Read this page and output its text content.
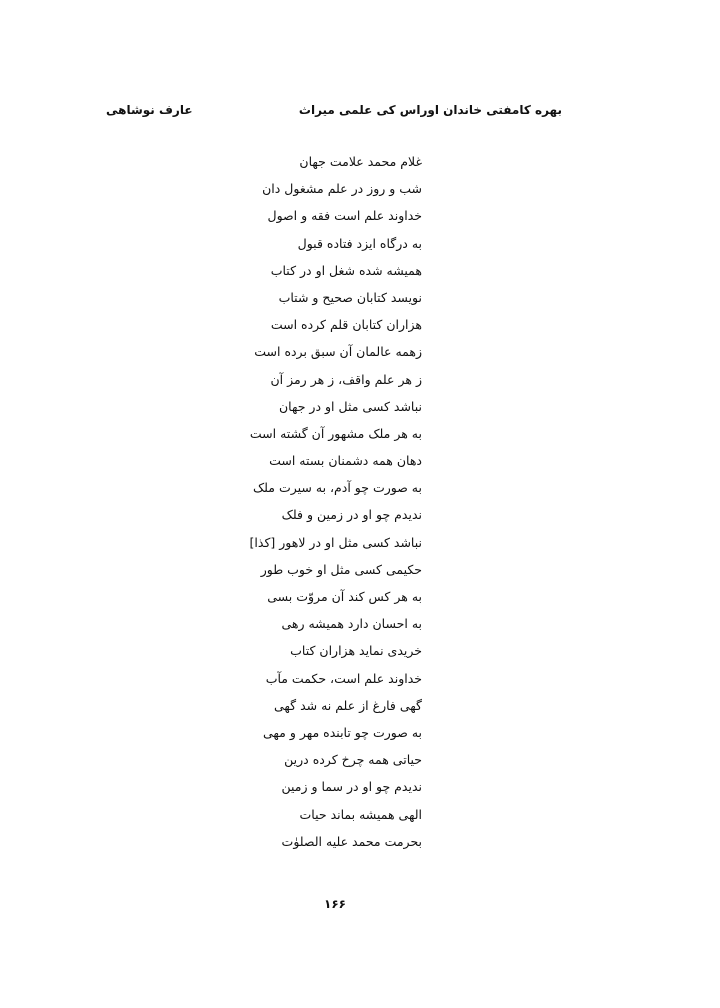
بهره کامفتی خاندان اوراس کی علمی میراث
عارف نوشاهی
غلام محمد علامت جهان
شب و روز در علم مشغول دان
خداوند علم است فقه و اصول
به درگاه ایزد فتاده قبول
همیشه شده شغل او در کتاب
نویسد کتابان صحیح و شتاب
هزاران کتابان قلم کرده است
زهمه عالمان آن سبق برده است
ز هر علم واقف، ز هر رمز آن
نباشد کسی مثل او در جهان
به هر ملک مشهور آن گشته است
دهان همه دشمنان بسته است
به صورت چو آدم، به سیرت ملک
ندیدم چو او در زمین و فلک
نباشد کسی مثل او در لاهور [کذا]
حکیمی کسی مثل او خوب طور
به هر کس کند آن مروّت بسی
به احسان دارد همیشه رهی
خریدی نماید هزاران کتاب
خداوند علم است، حکمت مآب
گهی فارغ از علم نه شد گهی
به صورت چو تابنده مهر و مهی
حیاتی همه چرخ کرده درین
ندیدم چو او در سما و زمین
الهی همیشه بماند حیات
بحرمت محمد علیه الصلوٰت
۱۶۶
